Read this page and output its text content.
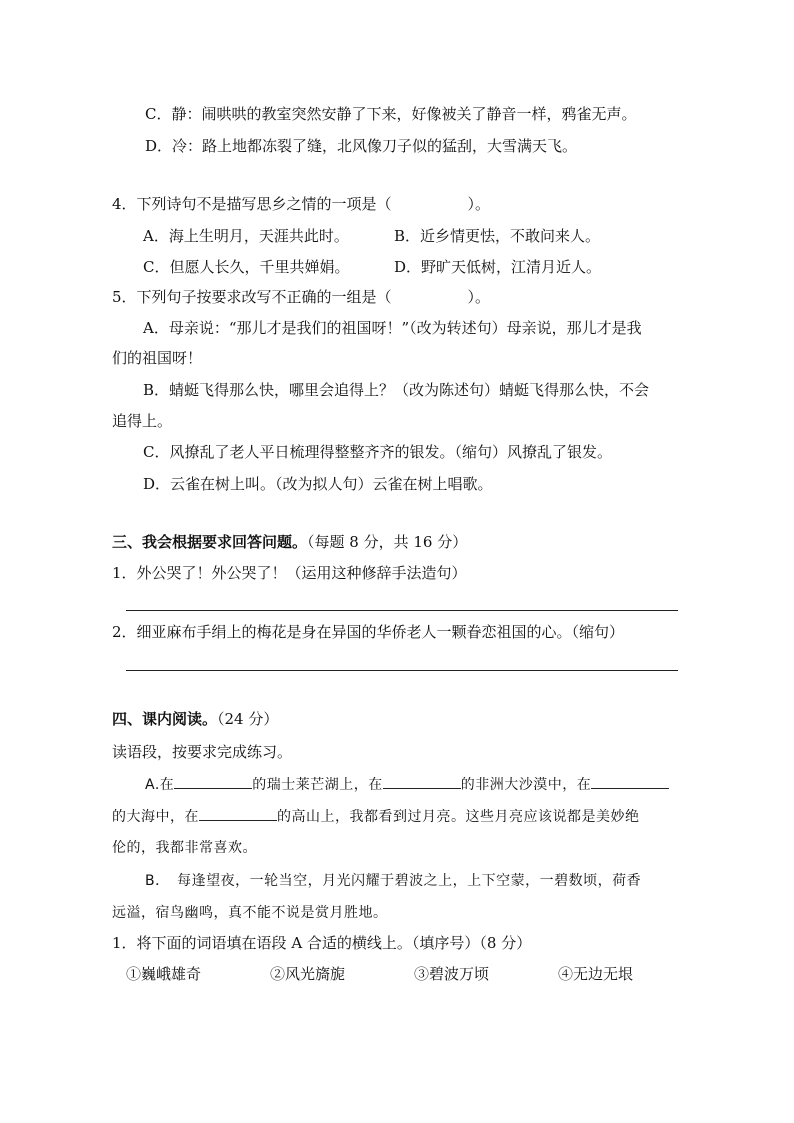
C．静：闹哄哄的教室突然安静了下来，好像被关了静音一样，鸦雀无声。
D．冷：路上地都冻裂了缝，北风像刀子似的猛刮，大雪满天飞。
4．下列诗句不是描写思乡之情的一项是（	）。
A．海上生明月，天涯共此时。	B．近乡情更怯，不敢问来人。
C．但愿人长久，千里共婵娟。	D．野旷天低树，江清月近人。
5．下列句子按要求改写不正确的一组是（	）。
A．母亲说：“那儿才是我们的祖国呀！”（改为转述句）母亲说，那儿才是我
们的祖国呀！
B．蜻蜓飞得那么快，哪里会追得上？（改为陈述句）蜻蜓飞得那么快，不会
追得上。
C．风撩乱了老人平日梳理得整整齐齐的银发。（缩句）风撩乱了银发。
D．云雀在树上叫。（改为拟人句）云雀在树上唱歌。
三、我会根据要求回答问题。（每题 8 分，共 16 分）
1．外公哭了！外公哭了！（运用这种修辞手法造句）
2．细亚麻布手绢上的梅花是身在异国的华侨老人一颗眷恋祖国的心。（缩句）
四、课内阅读。（24 分）
读语段，按要求完成练习。
A.在	的瑞士莱芒湖上，在	的非洲大沙漠中，在
的大海中，在	的高山上，我都看到过月亮。这些月亮应该说都是美妙绝
伦的，我都非常喜欢。
B．　每逢望夜，一轮当空，月光闪耀于碧波之上，上下空蒙，一碧数顷，荷香
远溢，宿鸟幽鸣，真不能不说是赏月胜地。
1．将下面的词语填在语段 A 合适的横线上。（填序号）（8 分）
①巍峨雄奇	②风光旖旎	③碧波万顷	④无边无垠
